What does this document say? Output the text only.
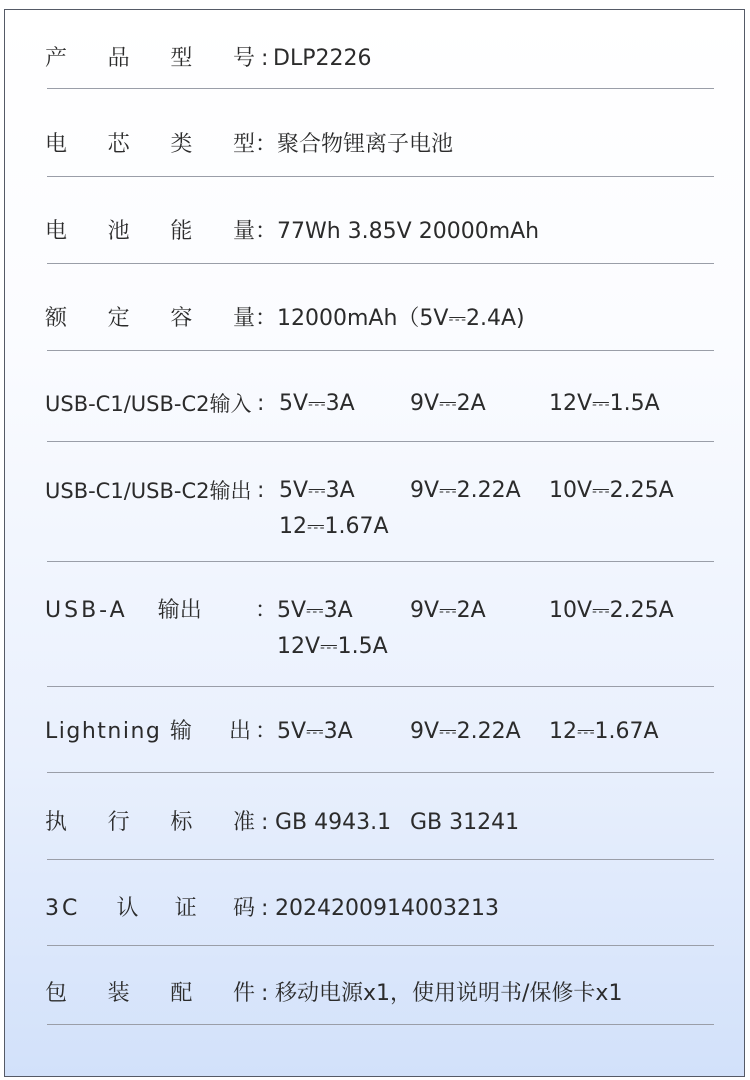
产 品 型 号 : DLP2226
电 芯 类 型 ： 聚合物锂离子电池
电 池 能 量 ： 77Wh 3.85V 20000mAh
额 定 容 量 ： 12000mAh（5V⎓2.4A)
USB-C1/USB-C2输入 : 5V⎓3A	9V⎓2A	12V⎓1.5A
USB-C1/USB-C2输出 : 5V⎓3A	9V⎓2.22A 10V⎓2.25A
12⎓1.67A
USB-A 输 出 ： 5V⎓3A	9V⎓2A	10V⎓2.25A
12V⎓1.5A
Lightning 输 出 ： 5V⎓3A	9V⎓2.22A 12⎓1.67A
执 行 标 准 : GB 4943.1 GB 31241
3C 认 证 码 : 2024200914003213
包 装 配 件 : 移动电源x1，使用说明书/保修卡x1
